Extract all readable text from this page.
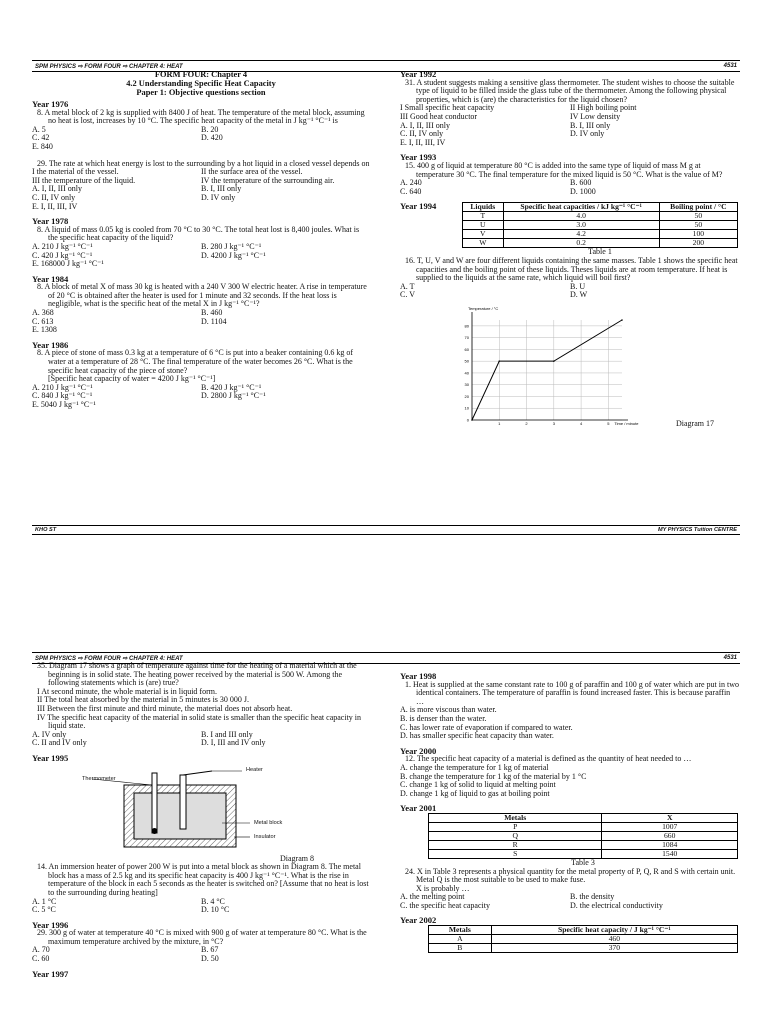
SPM PHYSICS ⇨ FORM FOUR ⇨ CHAPTER 4: HEAT	4531
FORM FOUR: Chapter 4
4.2 Understanding Specific Heat Capacity
Paper 1: Objective questions section
Year 1976
8. A metal block of 2 kg is supplied with 8400 J of heat. The temperature of the metal block, assuming no heat is lost, increases by 10 °C. The specific heat capacity of the metal in J kg⁻¹ °C⁻¹ is
A. 5	B. 20
C. 42	D. 420
E. 840
29. The rate at which heat energy is lost to the surrounding by a hot liquid in a closed vessel depends on
I the material of the vessel.	II the surface area of the vessel.
III the temperature of the liquid.	IV the temperature of the surrounding air.
A. I, II, III only	B. I, III only
C. II, IV only	D. IV only
E. I, II, III, IV
Year 1978
8. A liquid of mass 0.05 kg is cooled from 70 °C to 30 °C. The total heat lost is 8,400 joules. What is the specific heat capacity of the liquid?
A. 210 J kg⁻¹ °C⁻¹	B. 280 J kg⁻¹ °C⁻¹
C. 420 J kg⁻¹ °C⁻¹	D. 4200 J kg⁻¹ °C⁻¹
E. 168000 J kg⁻¹ °C⁻¹
Year 1984
8. A block of metal X of mass 30 kg is heated with a 240 V 300 W electric heater. A rise in temperature of 20 °C is obtained after the heater is used for 1 minute and 32 seconds. If the heat loss is negligible, what is the specific heat of the metal X in J kg⁻¹ °C⁻¹?
A. 368	B. 460
C. 613	D. 1104
E. 1308
Year 1986
8. A piece of stone of mass 0.3 kg at a temperature of 6 °C is put into a beaker containing 0.6 kg of water at a temperature of 28 °C. The final temperature of the water becomes 26 °C. What is the specific heat capacity of the piece of stone?
[Specific heat capacity of water = 4200 J kg⁻¹ °C⁻¹]
A. 210 J kg⁻¹ °C⁻¹	B. 420 J kg⁻¹ °C⁻¹
C. 840 J kg⁻¹ °C⁻¹	D. 2800 J kg⁻¹ °C⁻¹
E. 5040 J kg⁻¹ °C⁻¹
Year 1992
31. A student suggests making a sensitive glass thermometer. The student wishes to choose the suitable type of liquid to be filled inside the glass tube of the thermometer. Among the following physical properties, which is (are) the characteristics for the liquid chosen?
I Small specific heat capacity	II High boiling point
III Good heat conductor	IV Low density
A. I, II, III only	B. I, III only
C. II, IV only	D. IV only
E. I, II, III, IV
Year 1993
15. 400 g of liquid at temperature 80 °C is added into the same type of liquid of mass M g at temperature 30 °C. The final temperature for the mixed liquid is 50 °C. What is the value of M?
A. 240	B. 600
C. 640	D. 1000
Year 1994	Liquids	Specific heat capacities / kJ kg⁻¹ °C⁻¹	Boiling point / °C
T	4.0	50
U	3.0	50
V	4.2	100
W	0.2	200
Table 1
16. T, U, V and W are four different liquids containing the same masses. Table 1 shows the specific heat capacities and the boiling point of these liquids. Theses liquids are at room temperature. If heat is supplied to the liquids at the same rate, which liquid will boil first?
A. T	B. U
C. V	D. W
80
70
60
50
40
30
20
10
0
1	2	3	4	5
Temperature / °C
Time / minute	Diagram 17
KHO ST	MY PHYSICS Tuition CENTRE
SPM PHYSICS ⇨ FORM FOUR ⇨ CHAPTER 4: HEAT	4531
35. Diagram 17 shows a graph of temperature against time for the heating of a material which at the beginning is in solid state. The heating power received by the material is 500 W. Among the following statements which is (are) true?
I At second minute, the whole material is in liquid form.
II The total heat absorbed by the material in 5 minutes is 30 000 J.
III Between the first minute and third minute, the material does not absorb heat.
IV The specific heat capacity of the material in solid state is smaller than the specific heat capacity in liquid state.
A. IV only	B. I and III only
C. II and IV only	D. I, III and IV only
Year 1995
Thermometer
Heater
Metal block
Insulator
Diagram 8
14. An immersion heater of power 200 W is put into a metal block as shown in Diagram 8. The metal block has a mass of 2.5 kg and its specific heat capacity is 400 J kg⁻¹ °C⁻¹. What is the rise in temperature of the block in each 5 seconds as the heater is switched on? [Assume that no heat is lost to the surrounding during heating]
A. 1 °C	B. 4 °C
C. 5 °C	D. 10 °C
Year 1996
29. 300 g of water at temperature 40 °C is mixed with 900 g of water at temperature 80 °C. What is the maximum temperature archived by the mixture, in °C?
A. 70	B. 67
C. 60	D. 50
Year 1997
Year 1998
1. Heat is supplied at the same constant rate to 100 g of paraffin and 100 g of water which are put in two identical containers. The temperature of paraffin is found increased faster. This is because paraffin …
A. is more viscous than water.
B. is denser than the water.
C. has lower rate of evaporation if compared to water.
D. has smaller specific heat capacity than water.
Year 2000
12. The specific heat capacity of a material is defined as the quantity of heat needed to …
A. change the temperature for 1 kg of material
B. change the temperature for 1 kg of the material by 1 °C
C. change 1 kg of solid to liquid at melting point
D. change 1 kg of liquid to gas at boiling point
Year 2001
Metals	X
P	1007
Q	660
R	1084
S	1540
Table 3
24. X in Table 3 represents a physical quantity for the metal property of P, Q, R and S with certain unit. Metal Q is the most suitable to be used to make fuse.
X is probably …
A. the melting point	B. the density
C. the specific heat capacity	D. the electrical conductivity
Year 2002
Metals	Specific heat capacity / J kg⁻¹ °C⁻¹
A	460
B	370
